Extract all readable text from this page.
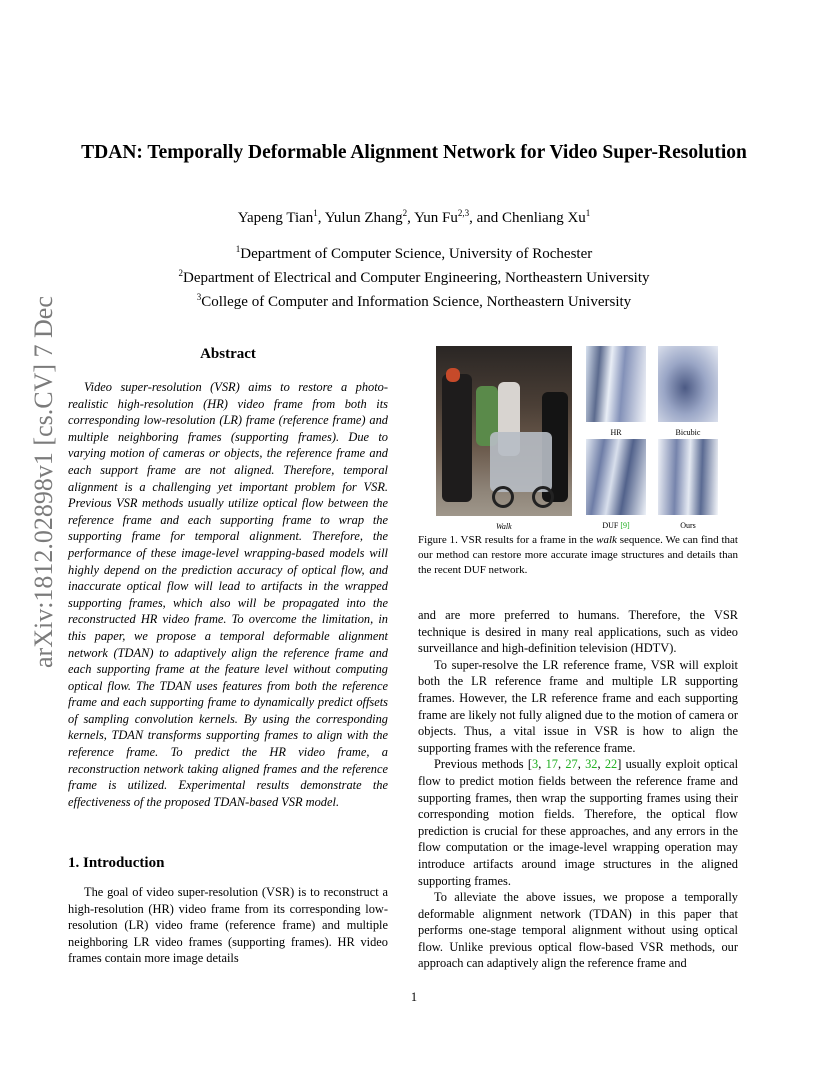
arXiv:1812.02898v1 [cs.CV] 7 Dec 2018
TDAN: Temporally Deformable Alignment Network for Video Super-Resolution
Yapeng Tian$^1$, Yulun Zhang$^2$, Yun Fu$^{2,3}$, and Chenliang Xu$^1$
$^1$Department of Computer Science, University of Rochester
$^2$Department of Electrical and Computer Engineering, Northeastern University
$^3$College of Computer and Information Science, Northeastern University
Abstract
Video super-resolution (VSR) aims to restore a photo-realistic high-resolution (HR) video frame from both its corresponding low-resolution (LR) frame (reference frame) and multiple neighboring frames (supporting frames). Due to varying motion of cameras or objects, the reference frame and each support frame are not aligned. Therefore, temporal alignment is a challenging yet important problem for VSR. Previous VSR methods usually utilize optical flow between the reference frame and each supporting frame to wrap the supporting frame for temporal alignment. Therefore, the performance of these image-level wrapping-based models will highly depend on the prediction accuracy of optical flow, and inaccurate optical flow will lead to artifacts in the wrapped supporting frames, which also will be propagated into the reconstructed HR video frame. To overcome the limitation, in this paper, we propose a temporal deformable alignment network (TDAN) to adaptively align the reference frame and each supporting frame at the feature level without computing optical flow. The TDAN uses features from both the reference frame and each supporting frame to dynamically predict offsets of sampling convolution kernels. By using the corresponding kernels, TDAN transforms supporting frames to align with the reference frame. To predict the HR video frame, a reconstruction network taking aligned frames and the reference frame is utilized. Experimental results demonstrate the effectiveness of the proposed TDAN-based VSR model.
1. Introduction
The goal of video super-resolution (VSR) is to reconstruct a high-resolution (HR) video frame from its corresponding low-resolution (LR) video frame (reference frame) and multiple neighboring LR video frames (supporting frames). HR video frames contain more image details
Walk
HR	Bicubic
DUF [9]	Ours
Figure 1. VSR results for a frame in the walk sequence. We can find that our method can restore more accurate image structures and details than the recent DUF network.

and are more preferred to humans. Therefore, the VSR technique is desired in many real applications, such as video surveillance and high-definition television (HDTV).

To super-resolve the LR reference frame, VSR will exploit both the LR reference frame and multiple LR supporting frames. However, the LR reference frame and each supporting frame are likely not fully aligned due to the motion of camera or objects. Thus, a vital issue in VSR is how to align the supporting frames with the reference frame.

Previous methods [3, 17, 27, 32, 22] usually exploit optical flow to predict motion fields between the reference frame and supporting frames, then wrap the supporting frames using their corresponding motion fields. Therefore, the optical flow prediction is crucial for these approaches, and any errors in the flow computation or the image-level wrapping operation may introduce artifacts around image structures in the aligned supporting frames.

To alleviate the above issues, we propose a temporally deformable alignment network (TDAN) in this paper that performs one-stage temporal alignment without using optical flow. Unlike previous optical flow-based VSR methods, our approach can adaptively align the reference frame and

1
